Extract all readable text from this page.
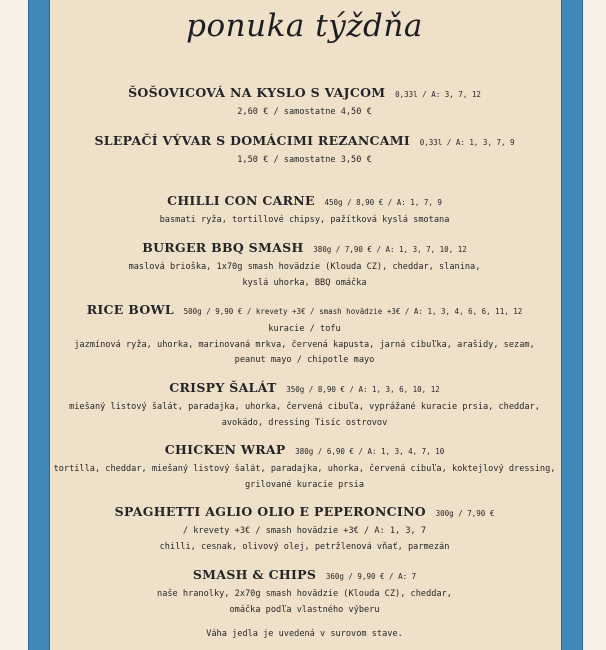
ponuka týždňa
ŠOŠOVICOVÁ NA KYSLO S VAJCOM 0,33l / A: 3, 7, 12
2,60 € / samostatne 4,50 €
SLEPAČÍ VÝVAR S DOMÁCIMI REZANCAMI 0,33l / A: 1, 3, 7, 9
1,50 € / samostatne 3,50 €
CHILLI CON CARNE 450g / 8,90 € / A: 1, 7, 9
basmati ryža, tortillové chipsy, pažítková kyslá smotana
BURGER BBQ SMASH 380g / 7,90 € / A: 1, 3, 7, 10, 12
maslová brioška, 1x70g smash hovädzie (Klouda CZ), cheddar, slanina,
kyslá uhorka, BBQ omáčka
RICE BOWL 500g / 9,90 € / krevety +3€ / smash hovädzie +3€ / A: 1, 3, 4, 6, 6, 11, 12
kuracie / tofu
jazmínová ryža, uhorka, marinovaná mrkva, červená kapusta, jarná cibuľka, arašidy, sezam,
peanut mayo / chipotle mayo
CRISPY ŠALÁT 350g / 8,90 € / A: 1, 3, 6, 10, 12
miešaný listový šalát, paradajka, uhorka, červená cibuľa, vyprážané kuracie prsia, cheddar,
avokádo, dressing Tisíc ostrovov
CHICKEN WRAP 380g / 6,90 € / A: 1, 3, 4, 7, 10
tortilla, cheddar, miešaný listový šalát, paradajka, uhorka, červená cibuľa, koktejlový dressing,
grilované kuracie prsia
SPAGHETTI AGLIO OLIO E PEPERONCINO 300g / 7,90 €
/ krevety +3€ / smash hovädzie +3€ / A: 1, 3, 7
chilli, cesnak, olivový olej, petržlenová vňať, parmezán
SMASH & CHIPS 360g / 9,90 € / A: 7
naše hranolky, 2x70g smash hovädzie (Klouda CZ), cheddar,
omáčka podľa vlastného výberu
Váha jedla je uvedená v surovom stave.
